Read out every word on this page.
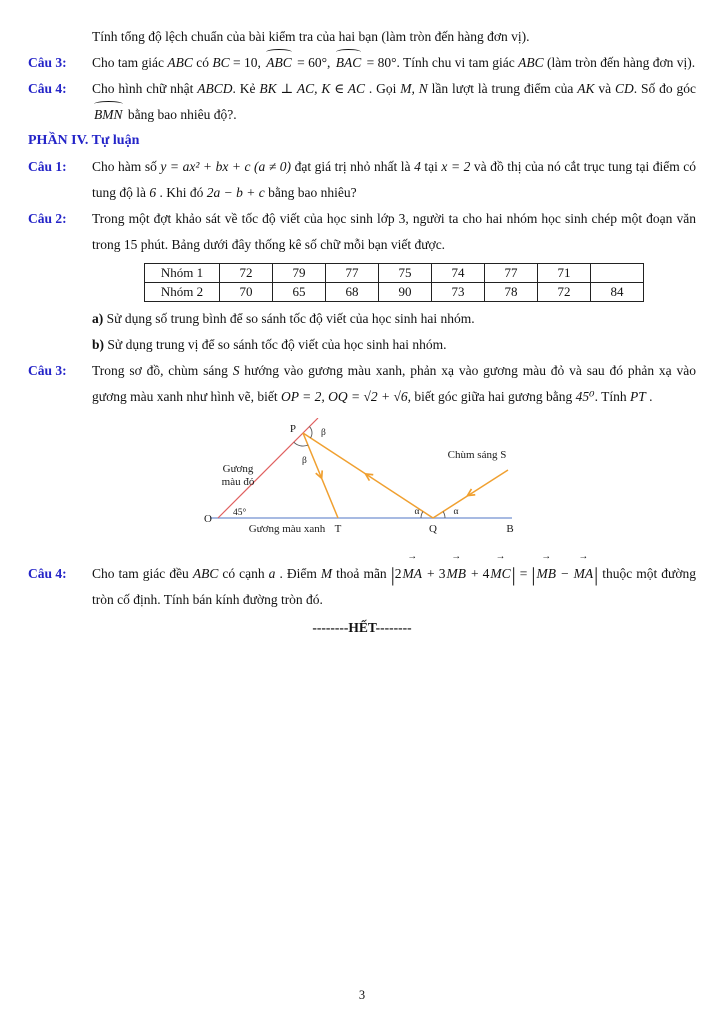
Tính tổng độ lệch chuẩn của bài kiểm tra của hai bạn (làm tròn đến hàng đơn vị).

Câu 3:	Cho tam giác ABC có BC = 10, ABC = 60°, BAC = 80°. Tính chu vi tam giác ABC (làm tròn đến hàng đơn vị).
Câu 4:	Cho hình chữ nhật ABCD. Kẻ BK ⊥ AC, K ∈ AC . Gọi M, N lần lượt là trung điểm của AK và CD. Số đo góc BMN bằng bao nhiêu độ?.
PHẦN IV. Tự luận
Câu 1:	Cho hàm số y = ax² + bx + c (a ≠ 0) đạt giá trị nhỏ nhất là 4 tại x = 2 và đồ thị của nó cắt trục tung tại điểm có tung độ là 6 . Khi đó 2a − b + c bằng bao nhiêu?
Câu 2:	Trong một đợt khảo sát về tốc độ viết của học sinh lớp 3, người ta cho hai nhóm học sinh chép một đoạn văn trong 15 phút. Bảng dưới đây thống kê số chữ mỗi bạn viết được.
Nhóm 1	72	79	77	75	74	77	71	
Nhóm 2	70	65	68	90	73	78	72	84

a) Sử dụng số trung bình để so sánh tốc độ viết của học sinh hai nhóm.

b) Sử dụng trung vị để so sánh tốc độ viết của học sinh hai nhóm.

Câu 3:	Trong sơ đồ, chùm sáng S hướng vào gương màu xanh, phản xạ vào gương màu đỏ và sau đó phản xạ vào gương màu xanh như hình vẽ, biết OP = 2, OQ = √2 + √6, biết góc giữa hai gương bằng 45⁰. Tính PT .
P	β
β
Gương
màu đỏ
Chùm sáng S
O 45°
Gương màu xanh T
α	α
Q	B
Câu 4:	Cho tam giác đều ABC có cạnh a . Điểm M thoả mãn |2→ MA + 3→ MB + 4→ MC| = |→ MB − → MA| thuộc một đường tròn cố định. Tính bán kính đường tròn đó.

--------HẾT--------

3
